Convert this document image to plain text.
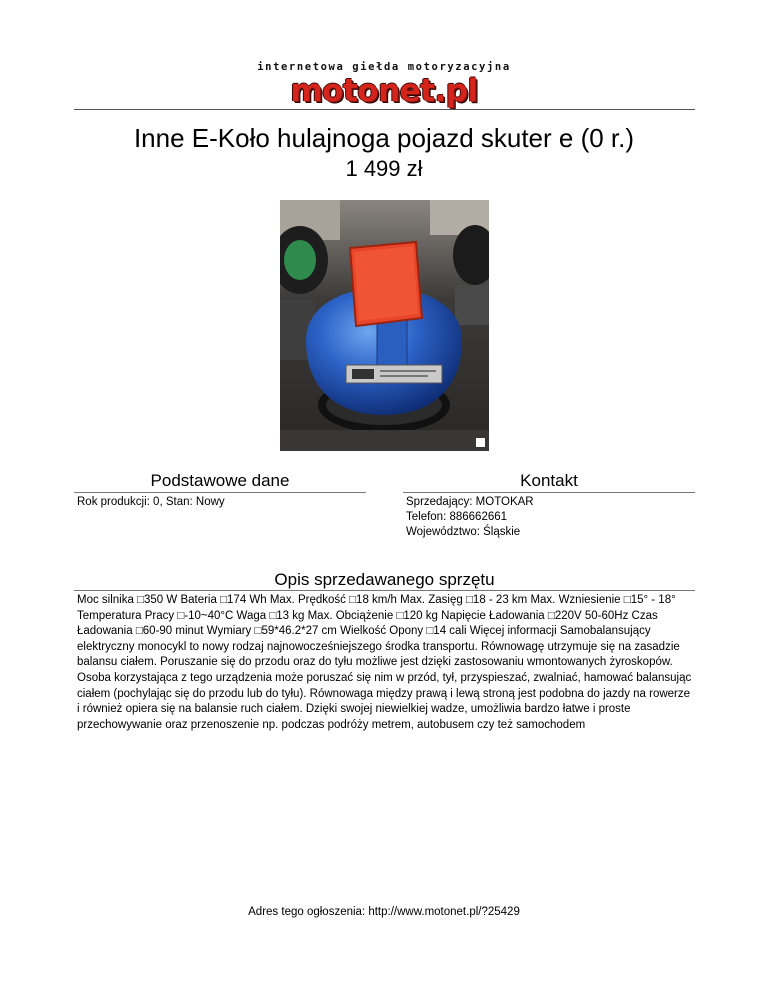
internetowa giełda motoryzacyjna
motonet.pl
Inne E-Koło hulajnoga pojazd skuter e (0 r.)
1 499 zł
Podstawowe dane
Rok produkcji: 0, Stan: Nowy
Kontakt
Sprzedający: MOTOKAR
Telefon: 886662661
Województwo: Śląskie
Opis sprzedawanego sprzętu
Moc silnika □350 W Bateria □174 Wh Max. Prędkość □18 km/h Max. Zasięg □18 - 23 km Max. Wzniesienie □15° - 18° Temperatura Pracy □-10~40°C Waga □13 kg Max. Obciążenie □120 kg Napięcie Ładowania □220V 50-60Hz Czas Ładowania □60-90 minut Wymiary □59*46.2*27 cm Wielkość Opony □14 cali Więcej informacji Samobalansujący elektryczny monocykl to nowy rodzaj najnowocześniejszego środka transportu. Równowagę utrzymuje się na zasadzie balansu ciałem. Poruszanie się do przodu oraz do tyłu możliwe jest dzięki zastosowaniu wmontowanych żyroskopów. Osoba korzystająca z tego urządzenia może poruszać się nim w przód, tył, przyspieszać, zwalniać, hamować balansując ciałem (pochylając się do przodu lub do tyłu). Równowaga między prawą i lewą stroną jest podobna do jazdy na rowerze i również opiera się na balansie ruch ciałem. Dzięki swojej niewielkiej wadze, umożliwia bardzo łatwe i proste przechowywanie oraz przenoszenie np. podczas podróży metrem, autobusem czy też samochodem
Adres tego ogłoszenia: http://www.motonet.pl/?25429
